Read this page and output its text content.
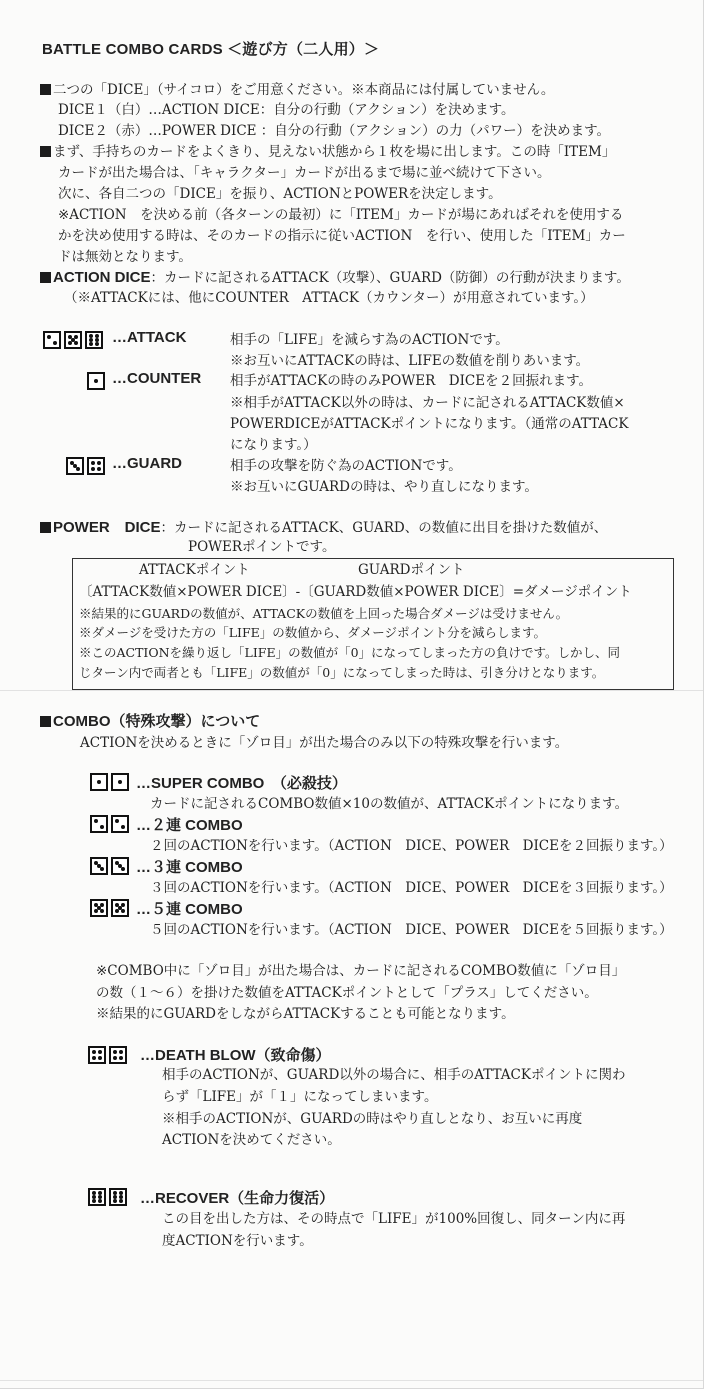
BATTLE COMBO CARDS ＜遊び方（二人用）＞
二つの「DICE」（サイコロ）をご用意ください。※本商品には付属していません。
DICE１（白）…ACTION DICE：自分の行動（アクション）を決めます。
DICE２（赤）…POWER DICE ：自分の行動（アクション）の力（パワー）を決めます。
まず、手持ちのカードをよくきり、見えない状態から１枚を場に出します。この時「ITEM」
カードが出た場合は、「キャラクター」カードが出るまで場に並べ続けて下さい。
次に、各自二つの「DICE」を振り、ACTIONとPOWERを決定します。
※ACTION　を決める前（各ターンの最初）に「ITEM」カードが場にあればそれを使用する
かを決め使用する時は、そのカードの指示に従いACTION　を行い、使用した「ITEM」カー
ドは無効となります。
ACTION DICE：カードに記されるATTACK（攻撃）、GUARD（防御）の行動が決まります。
（※ATTACKには、他にCOUNTER　ATTACK（カウンター）が用意されています。）
…ATTACK	相手の「LIFE」を減らす為のACTIONです。
※お互いにATTACKの時は、LIFEの数値を削りあいます。
…COUNTER 相手がATTACKの時のみPOWER　DICEを２回振れます。
※相手がATTACK以外の時は、カードに記されるATTACK数値×
POWERDICEがATTACKポイントになります。（通常のATTACK
になります。）
…GUARD	相手の攻撃を防ぐ為のACTIONです。
※お互いにGUARDの時は、やり直しになります。
POWER　DICE：カードに記されるATTACK、GUARD、の数値に出目を掛けた数値が、
POWERポイントです。
ATTACKポイント	GUARDポイント
〔ATTACK数値×POWER DICE〕-〔GUARD数値×POWER DICE〕=ダメージポイント
※結果的にGUARDの数値が、ATTACKの数値を上回った場合ダメージは受けません。
※ダメージを受けた方の「LIFE」の数値から、ダメージポイント分を減らします。
※このACTIONを繰り返し「LIFE」の数値が「0」になってしまった方の負けです。しかし、同
じターン内で両者とも「LIFE」の数値が「0」になってしまった時は、引き分けとなります。
COMBO（特殊攻撃）について
ACTIONを決めるときに「ゾロ目」が出た場合のみ以下の特殊攻撃を行います。
…SUPER COMBO　（必殺技）
カードに記されるCOMBO数値×10の数値が、ATTACKポイントになります。
…２連 COMBO
２回のACTIONを行います。（ACTION　DICE、POWER　DICEを２回振ります。）
…３連 COMBO
３回のACTIONを行います。（ACTION　DICE、POWER　DICEを３回振ります。）
…５連 COMBO
５回のACTIONを行います。（ACTION　DICE、POWER　DICEを５回振ります。）
※COMBO中に「ゾロ目」が出た場合は、カードに記されるCOMBO数値に「ゾロ目」
の数（１～６）を掛けた数値をATTACKポイントとして「プラス」してください。
※結果的にGUARDをしながらATTACKすることも可能となります。
…DEATH BLOW（致命傷）
相手のACTIONが、GUARD以外の場合に、相手のATTACKポイントに関わ
らず「LIFE」が「１」になってしまいます。
※相手のACTIONが、GUARDの時はやり直しとなり、お互いに再度
ACTIONを決めてください。
…RECOVER（生命力復活）
この目を出した方は、その時点で「LIFE」が100%回復し、同ターン内に再
度ACTIONを行います。
